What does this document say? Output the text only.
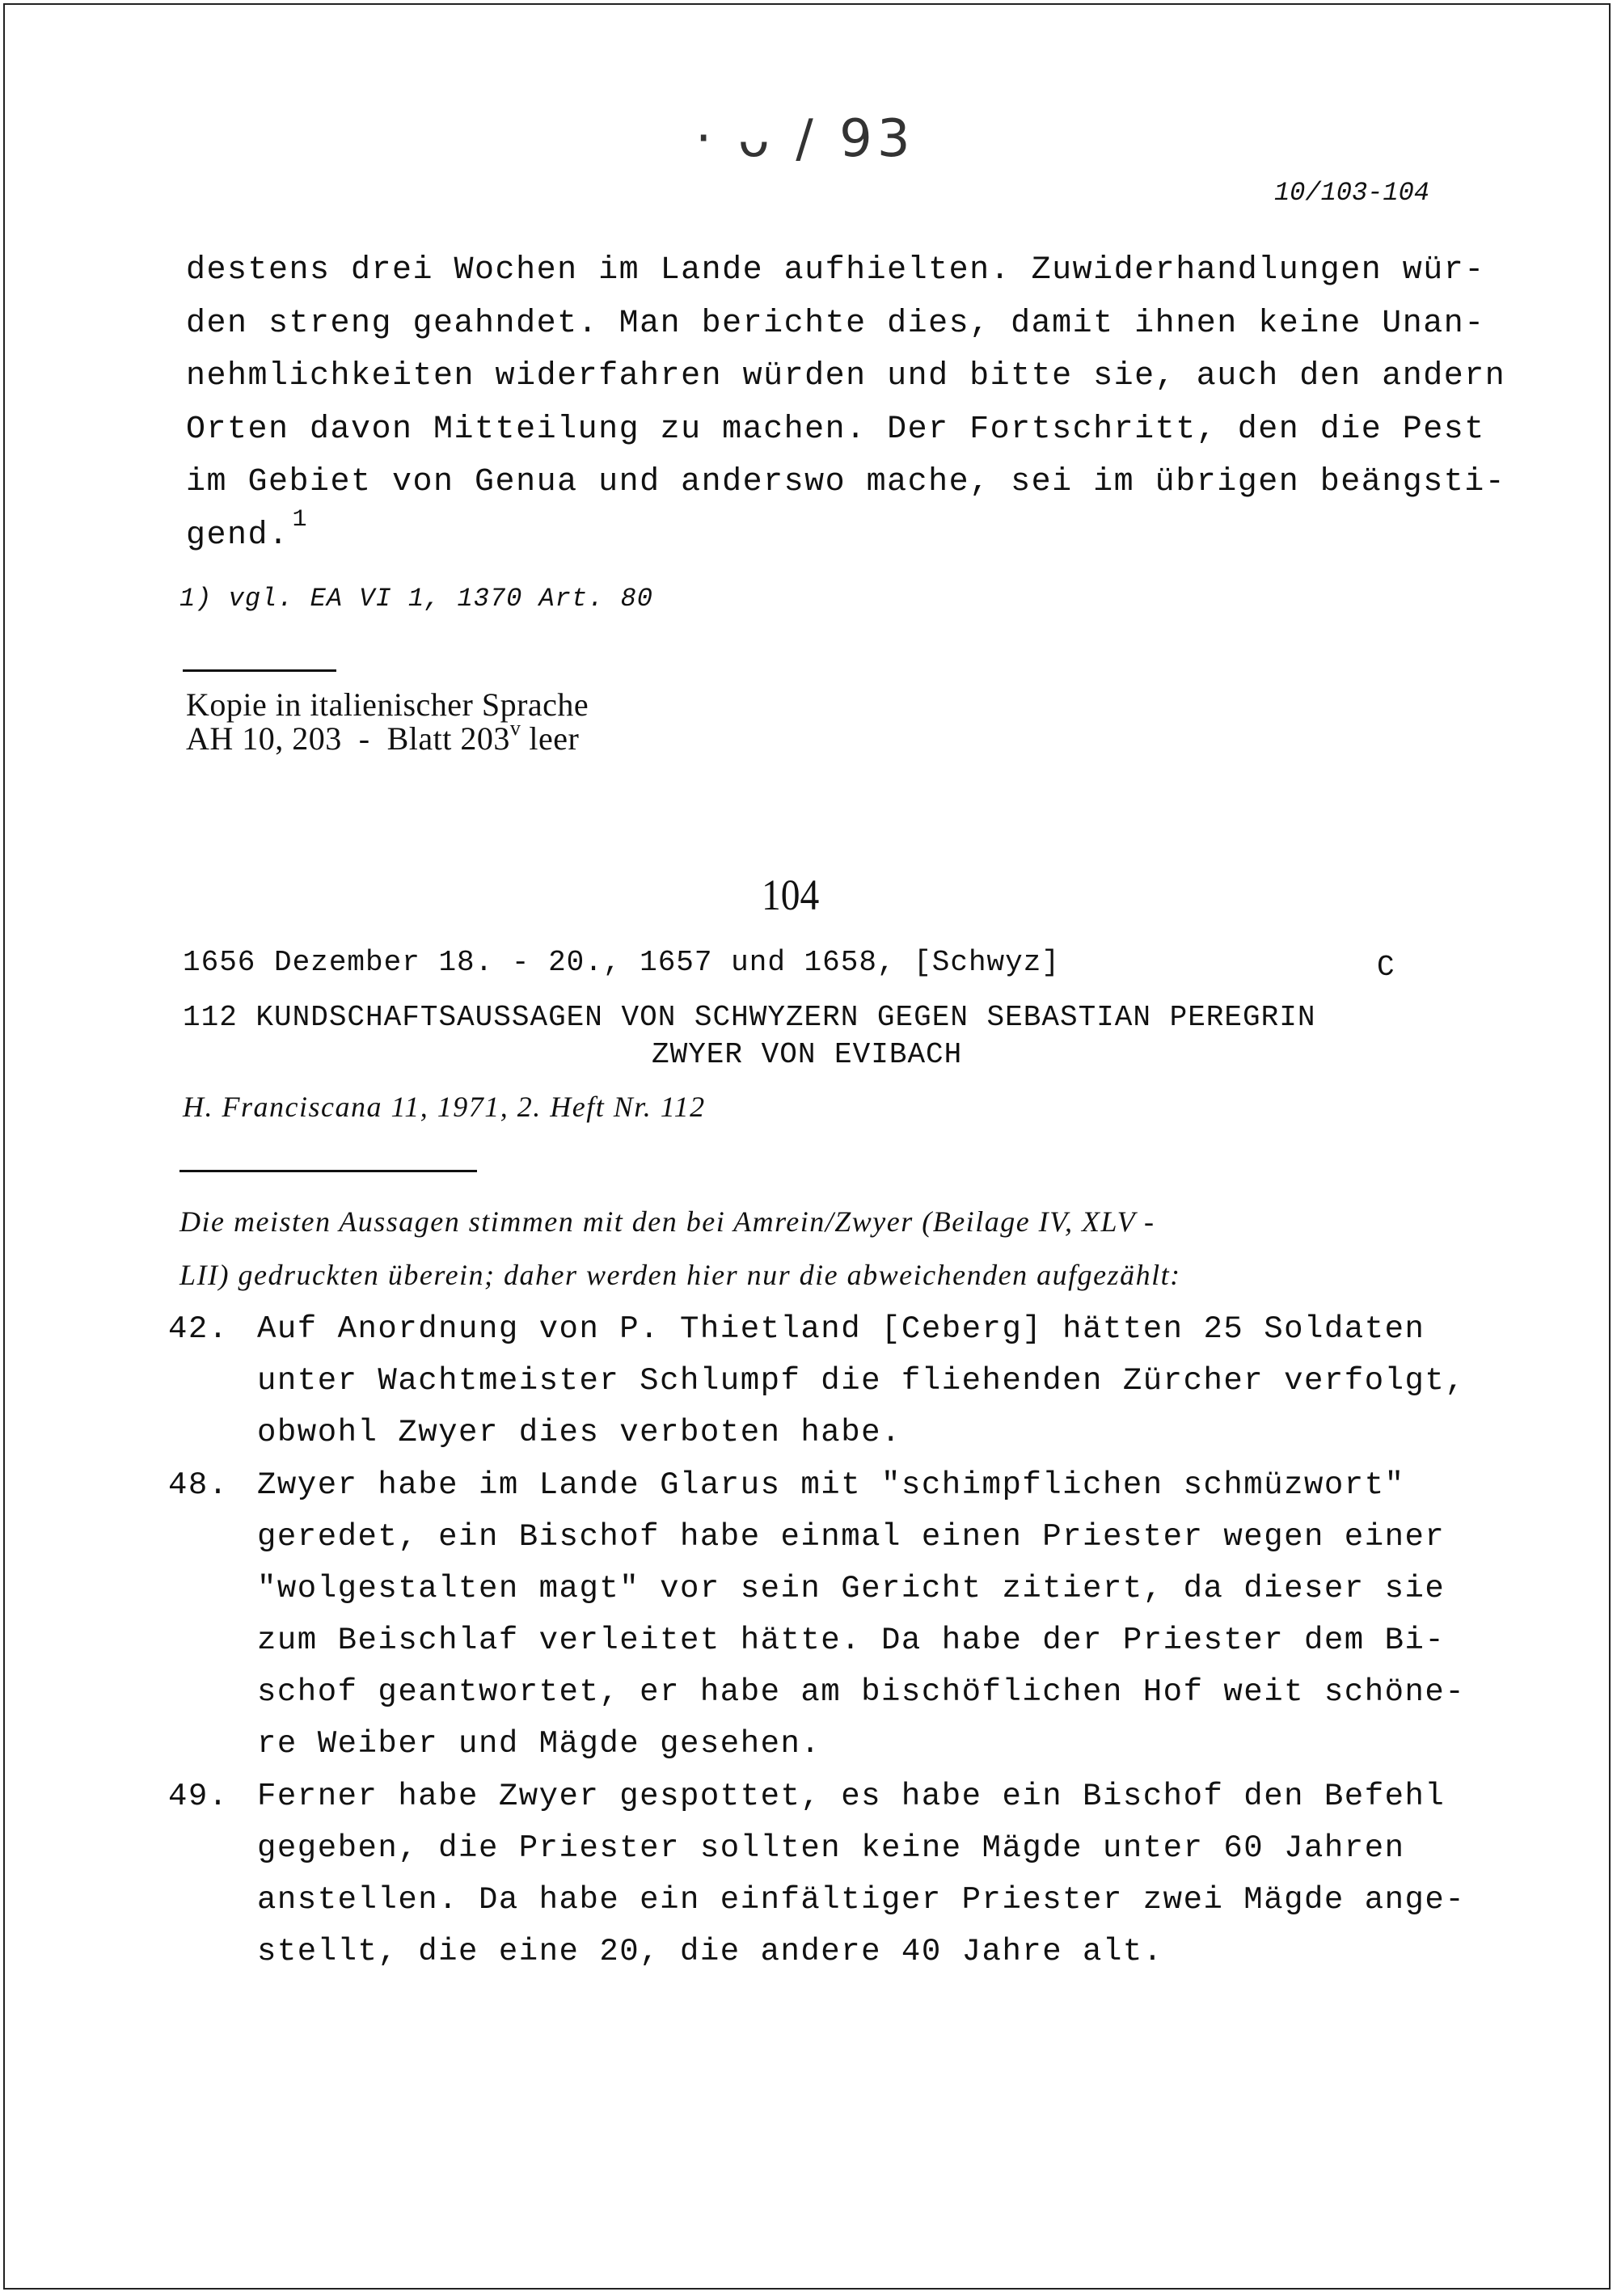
· ᴗ ∕ 93
10/103-104
destens drei Wochen im Lande aufhielten. Zuwiderhandlungen wür-
den streng geahndet. Man berichte dies, damit ihnen keine Unan-
nehmlichkeiten widerfahren würden und bitte sie, auch den andern
Orten davon Mitteilung zu machen. Der Fortschritt, den die Pest
im Gebiet von Genua und anderswo mache, sei im übrigen beängsti-
gend. $^1$
1) vgl. EA VI 1, 1370 Art. 80
Kopie in italienischer Sprache
AH 10, 203  -  Blatt 203$^v$ leer
104
1656 Dezember 18. - 20., 1657 und 1658, [Schwyz]	C
112 KUNDSCHAFTSAUSSAGEN VON SCHWYZERN GEGEN SEBASTIAN PEREGRIN
ZWYER VON EVIBACH
H. Franciscana 11, 1971, 2. Heft Nr. 112
Die meisten Aussagen stimmen mit den bei Amrein/Zwyer (Beilage IV, XLV -
LII) gedruckten überein; daher werden hier nur die abweichenden aufgezählt:
42. Auf Anordnung von P. Thietland [Ceberg] hätten 25 Soldaten
unter Wachtmeister Schlumpf die fliehenden Zürcher verfolgt,
obwohl Zwyer dies verboten habe.
48. Zwyer habe im Lande Glarus mit "schimpflichen schmüzwort"
geredet, ein Bischof habe einmal einen Priester wegen einer
"wolgestalten magt" vor sein Gericht zitiert, da dieser sie
zum Beischlaf verleitet hätte. Da habe der Priester dem Bi-
schof geantwortet, er habe am bischöflichen Hof weit schöne-
re Weiber und Mägde gesehen.
49. Ferner habe Zwyer gespottet, es habe ein Bischof den Befehl
gegeben, die Priester sollten keine Mägde unter 60 Jahren
anstellen. Da habe ein einfältiger Priester zwei Mägde ange-
stellt, die eine 20, die andere 40 Jahre alt.
